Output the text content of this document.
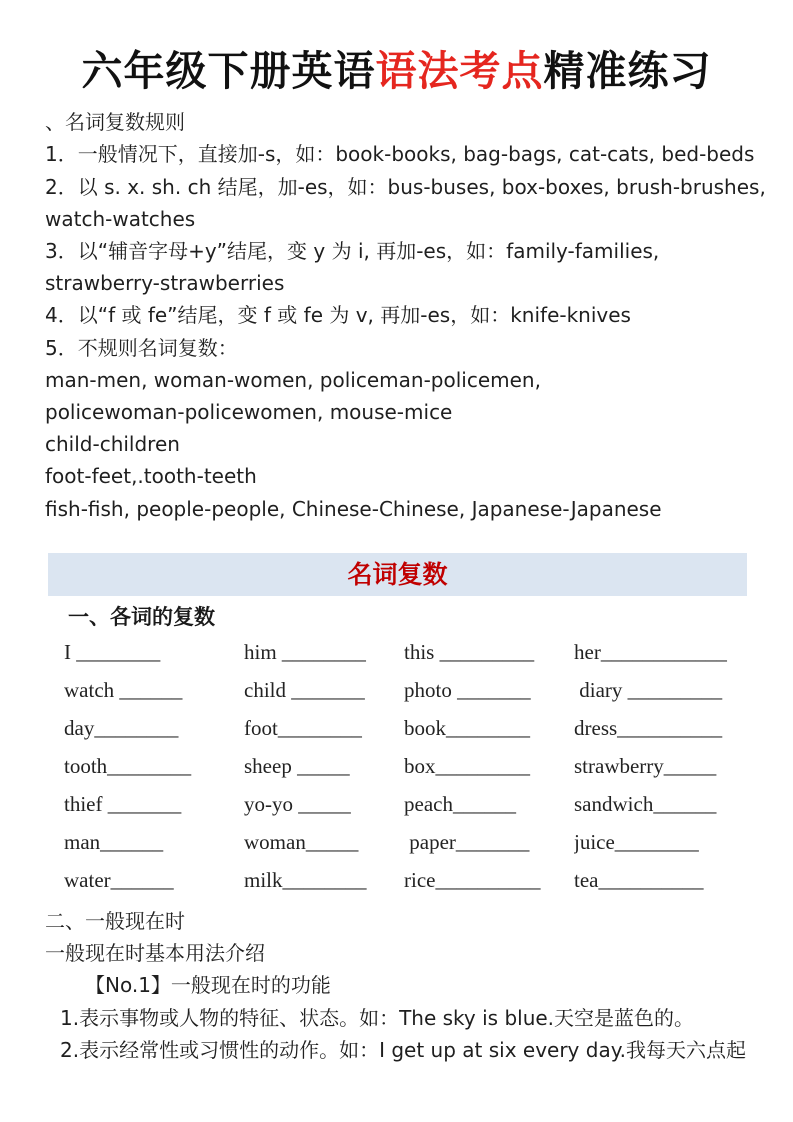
六年级下册英语语法考点精准练习
、名词复数规则
1．一般情况下，直接加-s，如：book-books, bag-bags, cat-cats, bed-beds
2．以 s. x. sh. ch 结尾，加-es，如：bus-buses, box-boxes, brush-brushes,
watch-watches
3．以“辅音字母+y”结尾，变 y 为 i, 再加-es，如：family-families,
strawberry-strawberries
4．以“f 或 fe”结尾，变 f 或 fe 为 v, 再加-es，如：knife-knives
5．不规则名词复数：
man-men, woman-women, policeman-policemen,
policewoman-policewomen, mouse-mice
child-children
foot-feet,.tooth-teeth
fish-fish, people-people, Chinese-Chinese, Japanese-Japanese
名词复数
一、各词的复数
I ________	him ________	this _________	her____________
watch ______	child _______	photo _______	diary _________
day________	foot________	book________	dress__________
tooth________	sheep _____	box_________	strawberry_____
thief _______	yo-yo _____	peach______	sandwich______
man______	woman_____	paper_______	juice________
water______	milk________	rice__________	tea__________
二、一般现在时
一般现在时基本用法介绍
【No.1】一般现在时的功能
1.表示事物或人物的特征、状态。如：The sky is blue.天空是蓝色的。
2.表示经常性或习惯性的动作。如：I get up at six every day.我每天六点起
